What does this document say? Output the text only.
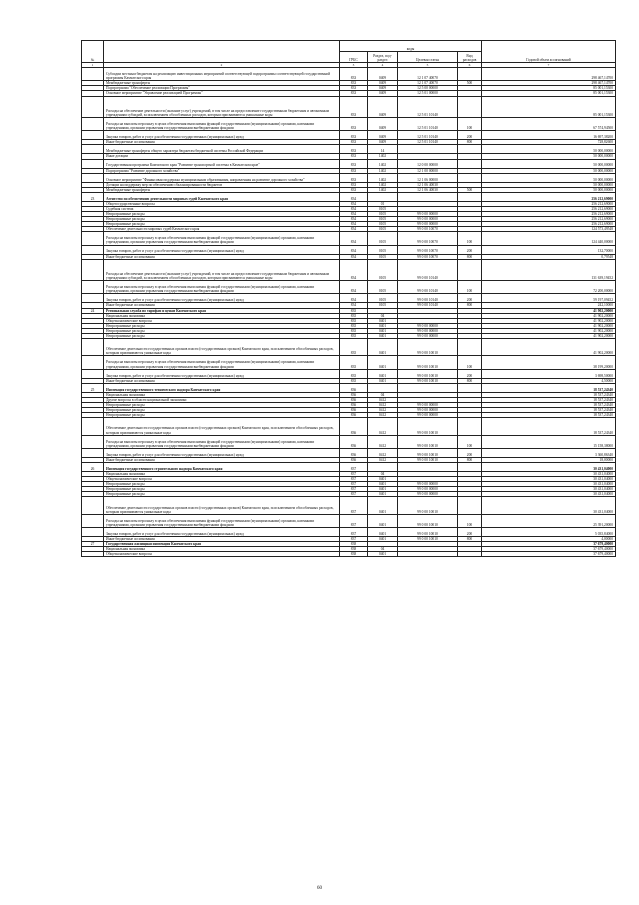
№		коды				Годовой объем ассигнований
		ГРБС	Раздел, под-раздел	Целевая статья	Вид расходов	
1	2	3	4	5	6	7
	Субсидии местным бюджетам на реализацию инвестиционных мероприятий соответствующей подпрограммы соответствующей государственной программы Камчатского края	833	0409	12 1 07 40070		298 467,14700
	Межбюджетные трансферты	833	0409	12 1 07 40070	500	298 467,14700
	Подпрограмма "Обеспечение реализации Программы"	833	0409	12 5 00 00000		85 001,15300
	Основное мероприятие "Управление реализацией Программы"	833	0409	12 5 01 00000		85 001,15300
	Расходы на обеспечение деятельности (оказание услуг) учреждений, в том числе на предоставление государственным бюджетным и автономным учреждениям субсидий, за исключением обособленных расходов, которым присваиваются уникальные коды	833	0409	12 5 01 10140		85 001,15300
	Расходы на выплаты персоналу в целях обеспечения выполнения функций государственными (муниципальными) органами, казенными учреждениями, органами управления государственными внебюджетными фондами	833	0409	12 5 01 10140	100	67 574,94500
	Закупка товаров, работ и услуг для обеспечения государственных (муниципальных) нужд	833	0409	12 5 01 10140	200	16 697,38200
	Иные бюджетные ассигнования	833	0409	12 5 01 10140	800	728,82600
	Межбюджетные трансферты общего характера бюджетам бюджетной системы Российской Федерации	833	14			50 000,00000
	Иные дотации	833	1402			50 000,00000
	Государственная программа Камчатского края "Развитие транспортной системы в Камчатском крае"	833	1402	12 0 00 00000		50 000,00000
	Подпрограмма "Развитие дорожного хозяйства"	833	1402	12 1 00 00000		50 000,00000
	Основное мероприятие "Финансовая поддержка муниципальным образованиям, направленная на развитие дорожного хозяйства"	833	1402	12 1 06 00000		50 000,00000
	Дотации на поддержку мер по обеспечению сбалансированности бюджетов	833	1402	12 1 06 40030		50 000,00000
	Межбюджетные трансферты	833	1402	12 1 06 40030	500	50 000,00000
23	Агентство по обеспечению деятельности мировых судей Камчатского края	834				256 212,69000
	Общегосударственные вопросы	834	01			256 212,69000
	Судебная система	834	0105			256 212,69000
	Непрограммные расходы	834	0105	99 0 00 00000		256 212,69000
	Непрограммные расходы	834	0105	99 0 00 00000		256 212,69000
	Непрограммные расходы	834	0105	99 0 00 00000		256 212,69000
	Обеспечение деятельности мировых судей Камчатского края	834	0105	99 0 00 10070		124 573,49548
	Расходы на выплаты персоналу в целях обеспечения выполнения функций государственными (муниципальными) органами, казенными учреждениями, органами управления государственными внебюджетными фондами	834	0105	99 0 00 10070	100	124 440,00000
	Закупка товаров, работ и услуг для обеспечения государственных (муниципальных) нужд	834	0105	99 0 00 10070	200	132,70000
	Иные бюджетные ассигнования	834	0105	99 0 00 10070	800	0,79548
	Расходы на обеспечение деятельности (оказание услуг) учреждений, в том числе на предоставление государственным бюджетным и автономным учреждениям субсидий, за исключением обособленных расходов, которым присваиваются уникальные коды	834	0105	99 0 00 10140		131 639,19452
	Расходы на выплаты персоналу в целях обеспечения выполнения функций государственными (муниципальными) органами, казенными учреждениями, органами управления государственными внебюджетными фондами	834	0105	99 0 00 10140	100	72 200,00000
	Закупка товаров, работ и услуг для обеспечения государственных (муниципальных) нужд	834	0105	99 0 00 10140	200	59 197,09452
	Иные бюджетные ассигнования	834	0105	99 0 00 10140	800	242,10000
24	Региональная служба по тарифам и ценам Камчатского края	835				41 902,20000
	Национальная экономика	835	04			41 902,20000
	Общеэкономические вопросы	835	0401			41 902,20000
	Непрограммные расходы	835	0401	99 0 00 00000		41 902,20000
	Непрограммные расходы	835	0401	99 0 00 00000		41 902,20000
	Непрограммные расходы	835	0401	99 0 00 00000		41 902,20000
	Обеспечение деятельности государственных органов власти (государственных органов) Камчатского края, за исключением обособленных расходов, которым присваиваются уникальные коды	835	0401	99 0 00 10010		41 902,20000
	Расходы на выплаты персоналу в целях обеспечения выполнения функций государственными (муниципальными) органами, казенными учреждениями, органами управления государственными внебюджетными фондами	835	0401	99 0 00 10010	100	38 199,20000
	Закупка товаров, работ и услуг для обеспечения государственных (муниципальных) нужд	835	0401	99 0 00 10010	200	3 698,50000
	Иные бюджетные ассигнования	835	0401	99 0 00 10010	800	4,50000
25	Инспекция государственного технического надзора Камчатского края	836				18 537,24340
	Национальная экономика	836	04			18 537,24340
	Другие вопросы в области национальной экономики	836	0412			18 537,24340
	Непрограммные расходы	836	0412	99 0 00 00000		18 537,24340
	Непрограммные расходы	836	0412	99 0 00 00000		18 537,24340
	Непрограммные расходы	836	0412	99 0 00 00000		18 537,24340
	Обеспечение деятельности государственных органов власти (государственных органов) Камчатского края, за исключением обособленных расходов, которым присваиваются уникальные коды	836	0412	99 0 00 10010		18 537,24340
	Расходы на выплаты персоналу в целях обеспечения выполнения функций государственными (муниципальными) органами, казенными учреждениями, органами управления государственными внебюджетными фондами	836	0412	99 0 00 10010	100	15 158,38000
	Закупка товаров, работ и услуг для обеспечения государственных (муниципальных) нужд	836	0412	99 0 00 10010	200	3 360,86340
	Иные бюджетные ассигнования	836	0412	99 0 00 10010	800	18,00000
26	Инспекция государственного строительного надзора Камчатского края	837				30 431,04000
	Национальная экономика	837	04			30 431,04000
	Общеэкономические вопросы	837	0401			30 431,04000
	Непрограммные расходы	837	0401	99 0 00 00000		30 431,04000
	Непрограммные расходы	837	0401	99 0 00 00000		30 431,04000
	Непрограммные расходы	837	0401	99 0 00 00000		30 431,04000
	Обеспечение деятельности государственных органов власти (государственных органов) Камчатского края, за исключением обособленных расходов, которым присваиваются уникальные коды	837	0401	99 0 00 10010		30 431,04000
	Расходы на выплаты персоналу в целях обеспечения выполнения функций государственными (муниципальными) органами, казенными учреждениями, органами управления государственными внебюджетными фондами	837	0401	99 0 00 10010	100	25 391,20000
	Закупка товаров, работ и услуг для обеспечения государственных (муниципальных) нужд	837	0401	99 0 00 10010	200	5 035,84000
	Иные бюджетные ассигнования	837	0401	99 0 00 10010	800	4,00000
27	Государственная жилищная инспекция Камчатского края	838				37 679,40000
	Национальная экономика	838	04			37 679,40000
	Общеэкономические вопросы	838	0401			37 679,40000
60
